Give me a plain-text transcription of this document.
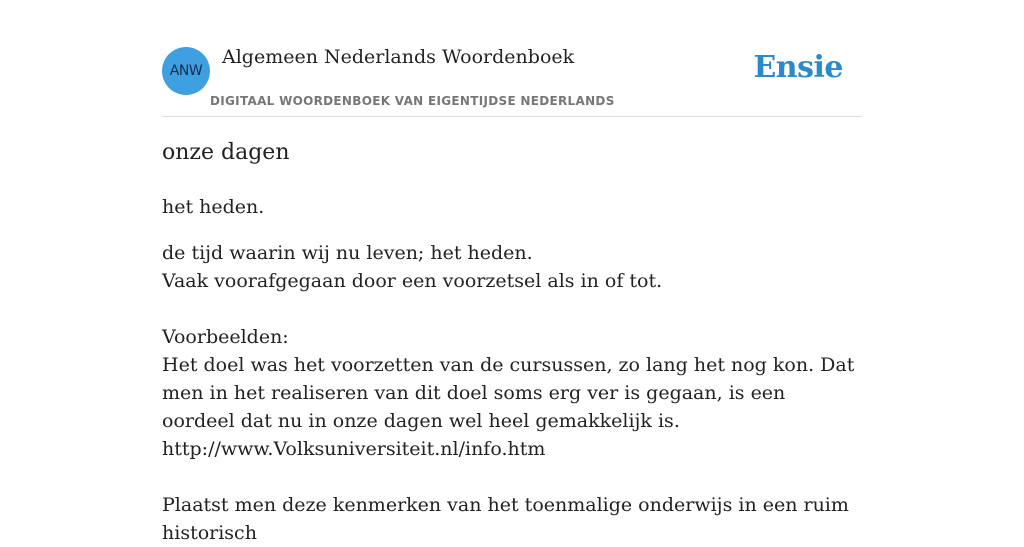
ANW
Algemeen Nederlands Woordenboek
DIGITAAL WOORDENBOEK VAN EIGENTIJDSE NEDERLANDS
Ensie
onze dagen
het heden.

de tijd waarin wij nu leven; het heden.

Vaak voorafgegaan door een voorzetsel als in of tot.

Voorbeelden:

Het doel was het voorzetten van de cursussen, zo lang het nog kon. Dat men in het realiseren van dit doel soms erg ver is gegaan, is een oordeel dat nu in onze dagen wel heel gemakkelijk is.

http://www.Volksuniversiteit.nl/info.htm

Plaatst men deze kenmerken van het toenmalige onderwijs in een ruim historisch
